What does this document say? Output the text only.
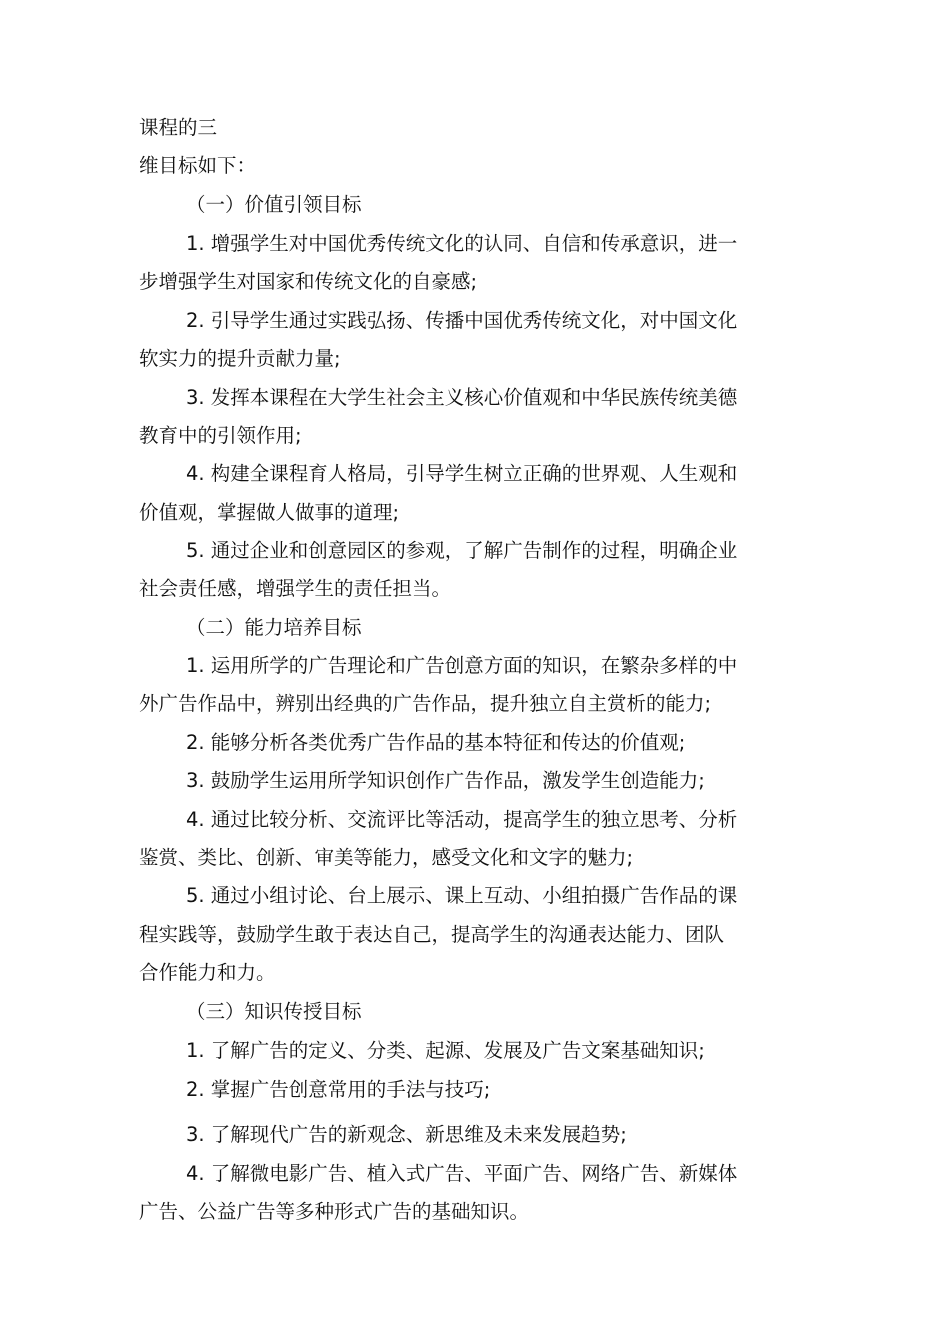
课程的三
维目标如下：
（一）价值引领目标
1. 增强学生对中国优秀传统文化的认同、自信和传承意识，进一
步增强学生对国家和传统文化的自豪感;
2. 引导学生通过实践弘扬、传播中国优秀传统文化，对中国文化
软实力的提升贡献力量;
3. 发挥本课程在大学生社会主义核心价值观和中华民族传统美德
教育中的引领作用;
4. 构建全课程育人格局，引导学生树立正确的世界观、人生观和
价值观，掌握做人做事的道理;
5. 通过企业和创意园区的参观，了解广告制作的过程，明确企业
社会责任感，增强学生的责任担当。
（二）能力培养目标
1. 运用所学的广告理论和广告创意方面的知识，在繁杂多样的中
外广告作品中，辨别出经典的广告作品，提升独立自主赏析的能力;
2. 能够分析各类优秀广告作品的基本特征和传达的价值观;
3. 鼓励学生运用所学知识创作广告作品，激发学生创造能力;
4. 通过比较分析、交流评比等活动，提高学生的独立思考、分析
鉴赏、类比、创新、审美等能力，感受文化和文字的魅力;
5. 通过小组讨论、台上展示、课上互动、小组拍摄广告作品的课
程实践等，鼓励学生敢于表达自己，提高学生的沟通表达能力、团队
合作能力和力。
（三）知识传授目标
1. 了解广告的定义、分类、起源、发展及广告文案基础知识;
2. 掌握广告创意常用的手法与技巧;
3. 了解现代广告的新观念、新思维及未来发展趋势;
4. 了解微电影广告、植入式广告、平面广告、网络广告、新媒体
广告、公益广告等多种形式广告的基础知识。
